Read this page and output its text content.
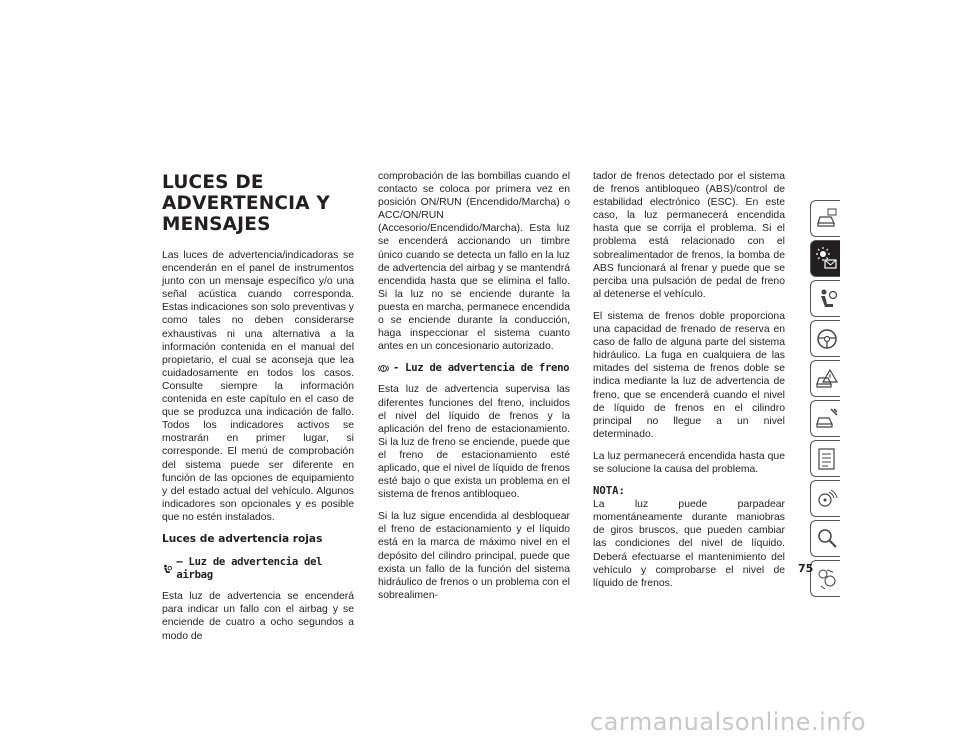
LUCES DE ADVERTENCIA Y MENSAJES

Las luces de advertencia/indicadoras se encenderán en el panel de instrumentos junto con un mensaje específico y/o una señal acústica cuando corresponda. Estas indicaciones son solo preventivas y como tales no deben considerarse exhaustivas ni una alternativa a la información contenida en el manual del propietario, el cual se aconseja que lea cuidadosamente en todos los casos. Consulte siempre la información contenida en este capítulo en el caso de que se produzca una indicación de fallo. Todos los indicadores activos se mostrarán en primer lugar, si corresponde. El menú de comprobación del sistema puede ser diferente en función de las opciones de equipamiento y del estado actual del vehículo. Algunos indicadores son opcionales y es posible que no estén instalados.

Luces de advertencia rojas
— Luz de advertencia del airbag

Esta luz de advertencia se encenderá para indicar un fallo con el airbag y se enciende de cuatro a ocho segundos a modo de

comprobación de las bombillas cuando el contacto se coloca por primera vez en posición ON/RUN (Encendido/Marcha) o ACC/ON/RUN (Accesorio/Encendido/Marcha). Esta luz se encenderá accionando un timbre único cuando se detecta un fallo en la luz de advertencia del airbag y se mantendrá encendida hasta que se elimina el fallo. Si la luz no se enciende durante la puesta en marcha, permanece encendida o se enciende durante la conducción, haga inspeccionar el sistema cuanto antes en un concesionario autorizado.

- Luz de advertencia de freno

Esta luz de advertencia supervisa las diferentes funciones del freno, incluidos el nivel del líquido de frenos y la aplicación del freno de estacionamiento. Si la luz de freno se enciende, puede que el freno de estacionamiento esté aplicado, que el nivel de líquido de frenos esté bajo o que exista un problema en el sistema de frenos antibloqueo.

Si la luz sigue encendida al desbloquear el freno de estacionamiento y el líquido está en la marca de máximo nivel en el depósito del cilindro principal, puede que exista un fallo de la función del sistema hidráulico de frenos o un problema con el sobrealimen-

tador de frenos detectado por el sistema de frenos antibloqueo (ABS)/control de estabilidad electrónico (ESC). En este caso, la luz permanecerá encendida hasta que se corrija el problema. Si el problema está relacionado con el sobrealimentador de frenos, la bomba de ABS funcionará al frenar y puede que se perciba una pulsación de pedal de freno al detenerse el vehículo.

El sistema de frenos doble proporciona una capacidad de frenado de reserva en caso de fallo de alguna parte del sistema hidráulico. La fuga en cualquiera de las mitades del sistema de frenos doble se indica mediante la luz de advertencia de freno, que se encenderá cuando el nivel de líquido de frenos en el cilindro principal no llegue a un nivel determinado.

La luz permanecerá encendida hasta que se solucione la causa del problema.

NOTA:
La luz puede parpadear momentáneamente durante maniobras de giros bruscos, que pueden cambiar las condiciones del nivel de líquido. Deberá efectuarse el mantenimiento del vehículo y comprobarse el nivel de líquido de frenos.

75
carmanualsonline.info
